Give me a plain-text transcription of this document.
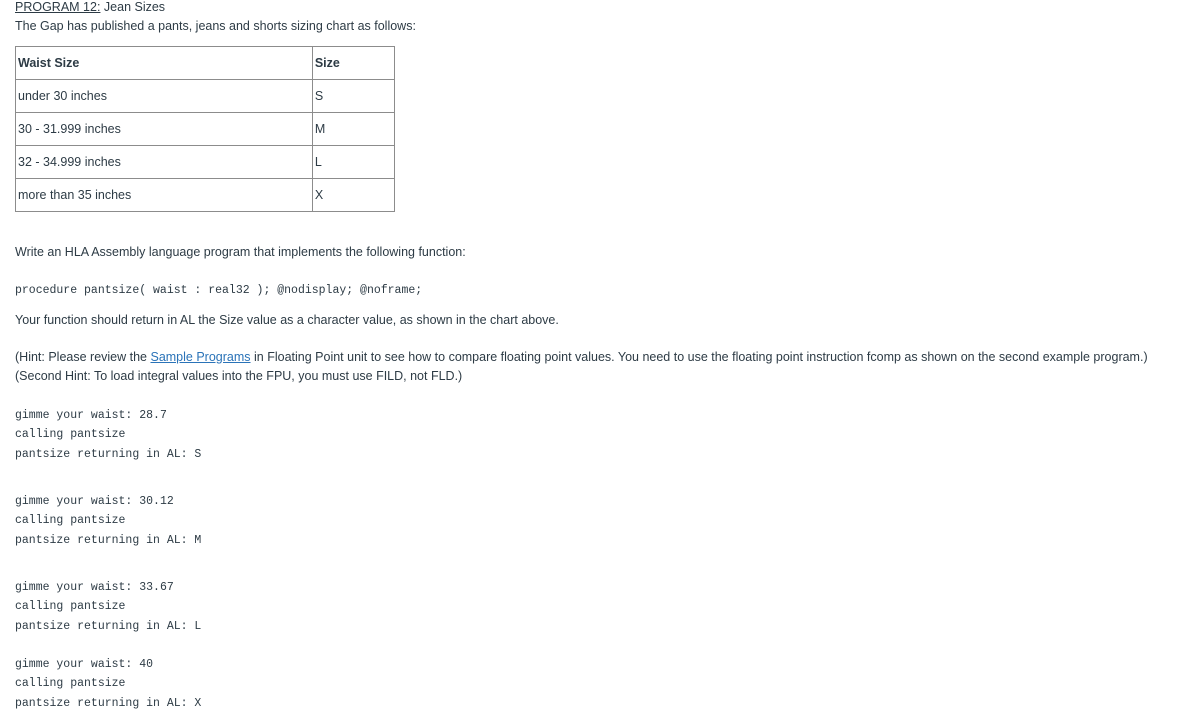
PROGRAM 12: Jean Sizes
The Gap has published a pants, jeans and shorts sizing chart as follows:
Waist Size	Size
under 30 inches	S
30 - 31.999 inches	M
32 - 34.999 inches	L
more than 35 inches	X
Write an HLA Assembly language program that implements the following function:
procedure pantsize( waist : real32 ); @nodisplay; @noframe;
Your function should return in AL the Size value as a character value, as shown in the chart above.
(Hint: Please review the Sample Programs in Floating Point unit to see how to compare floating point values. You need to use the floating point instruction fcomp as shown on the second example program.)
(Second Hint: To load integral values into the FPU, you must use FILD, not FLD.)
gimme your waist: 28.7
calling pantsize
pantsize returning in AL: S
gimme your waist: 30.12
calling pantsize
pantsize returning in AL: M
gimme your waist: 33.67
calling pantsize
pantsize returning in AL: L
gimme your waist: 40
calling pantsize
pantsize returning in AL: X
